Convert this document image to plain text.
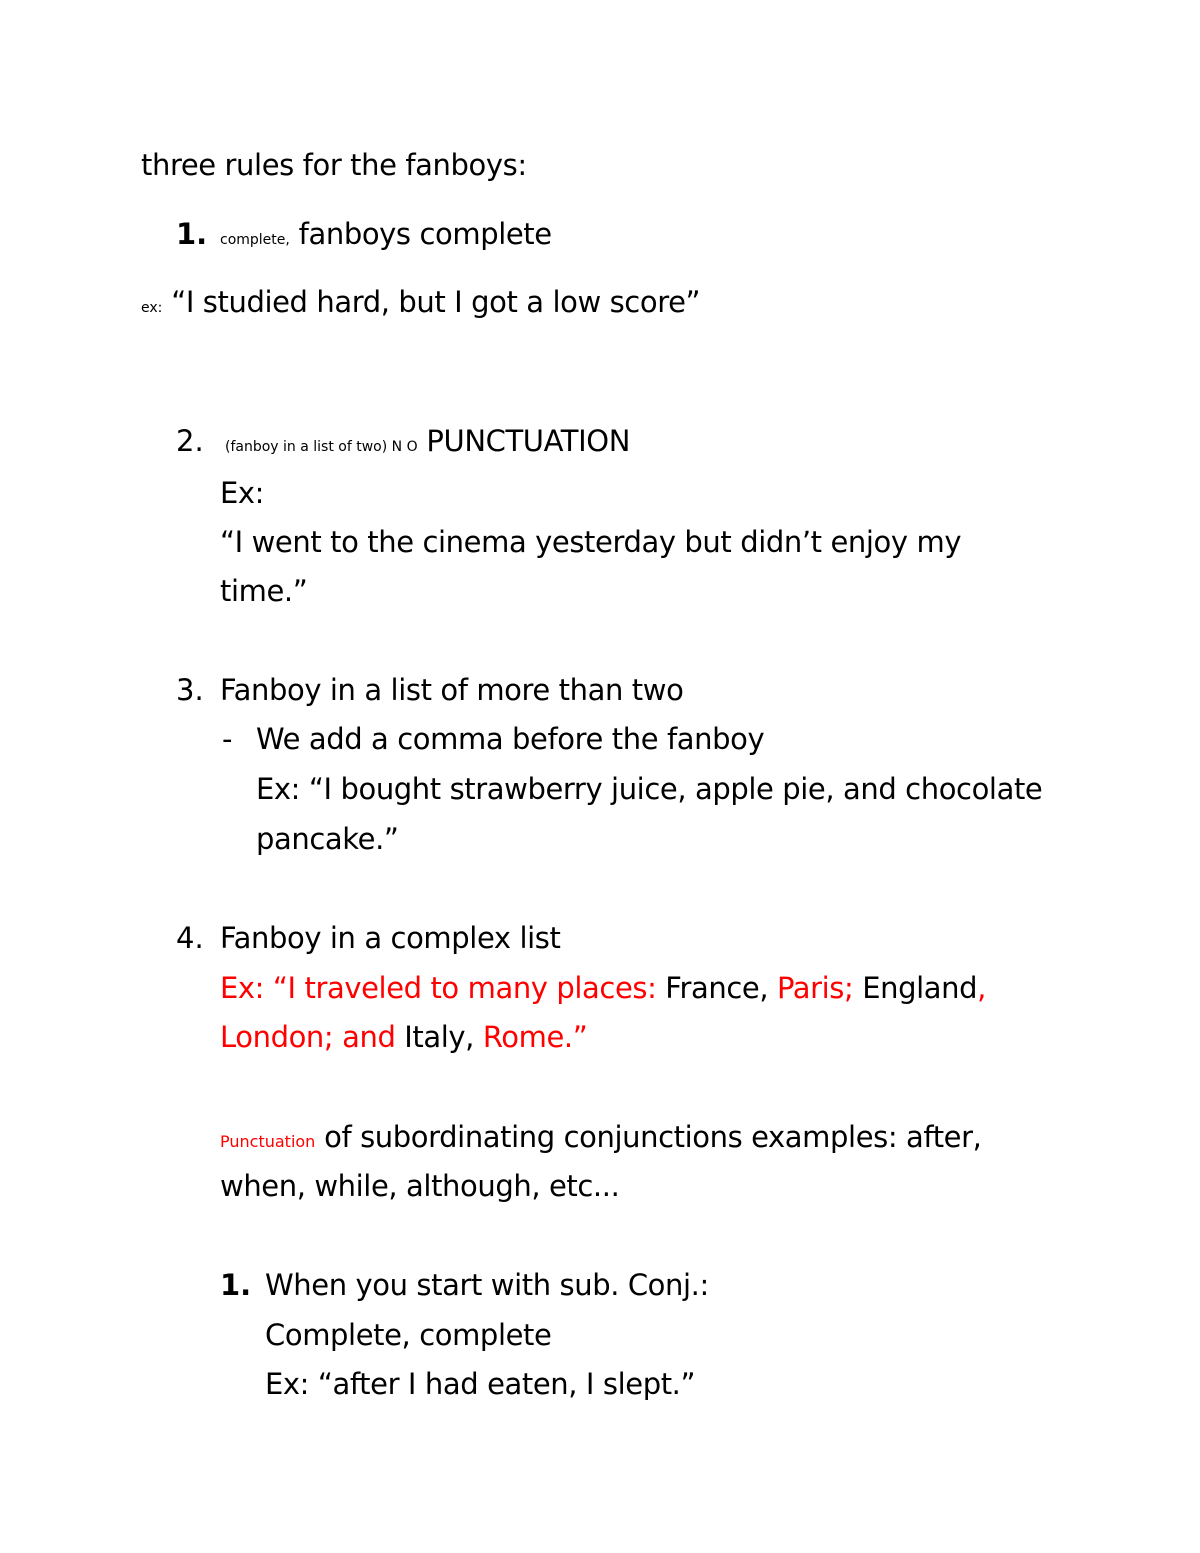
three rules for the fanboys:
1. complete, fanboys complete
ex: “I studied hard, but I got a low score”
2. (fanboy in a list of two) N O PUNCTUATION
Ex:
“I went to the cinema yesterday but didn’t enjoy my
time.”
3. Fanboy in a list of more than two
- We add a comma before the fanboy
Ex: “I bought strawberry juice, apple pie, and chocolate
pancake.”
4. Fanboy in a complex list
Ex: “I traveled to many places: France, Paris; England,
London; and Italy, Rome.”
Punctuation of subordinating conjunctions examples: after,
when, while, although, etc...
1. When you start with sub. Conj.:
Complete, complete
Ex: “after I had eaten, I slept.”
